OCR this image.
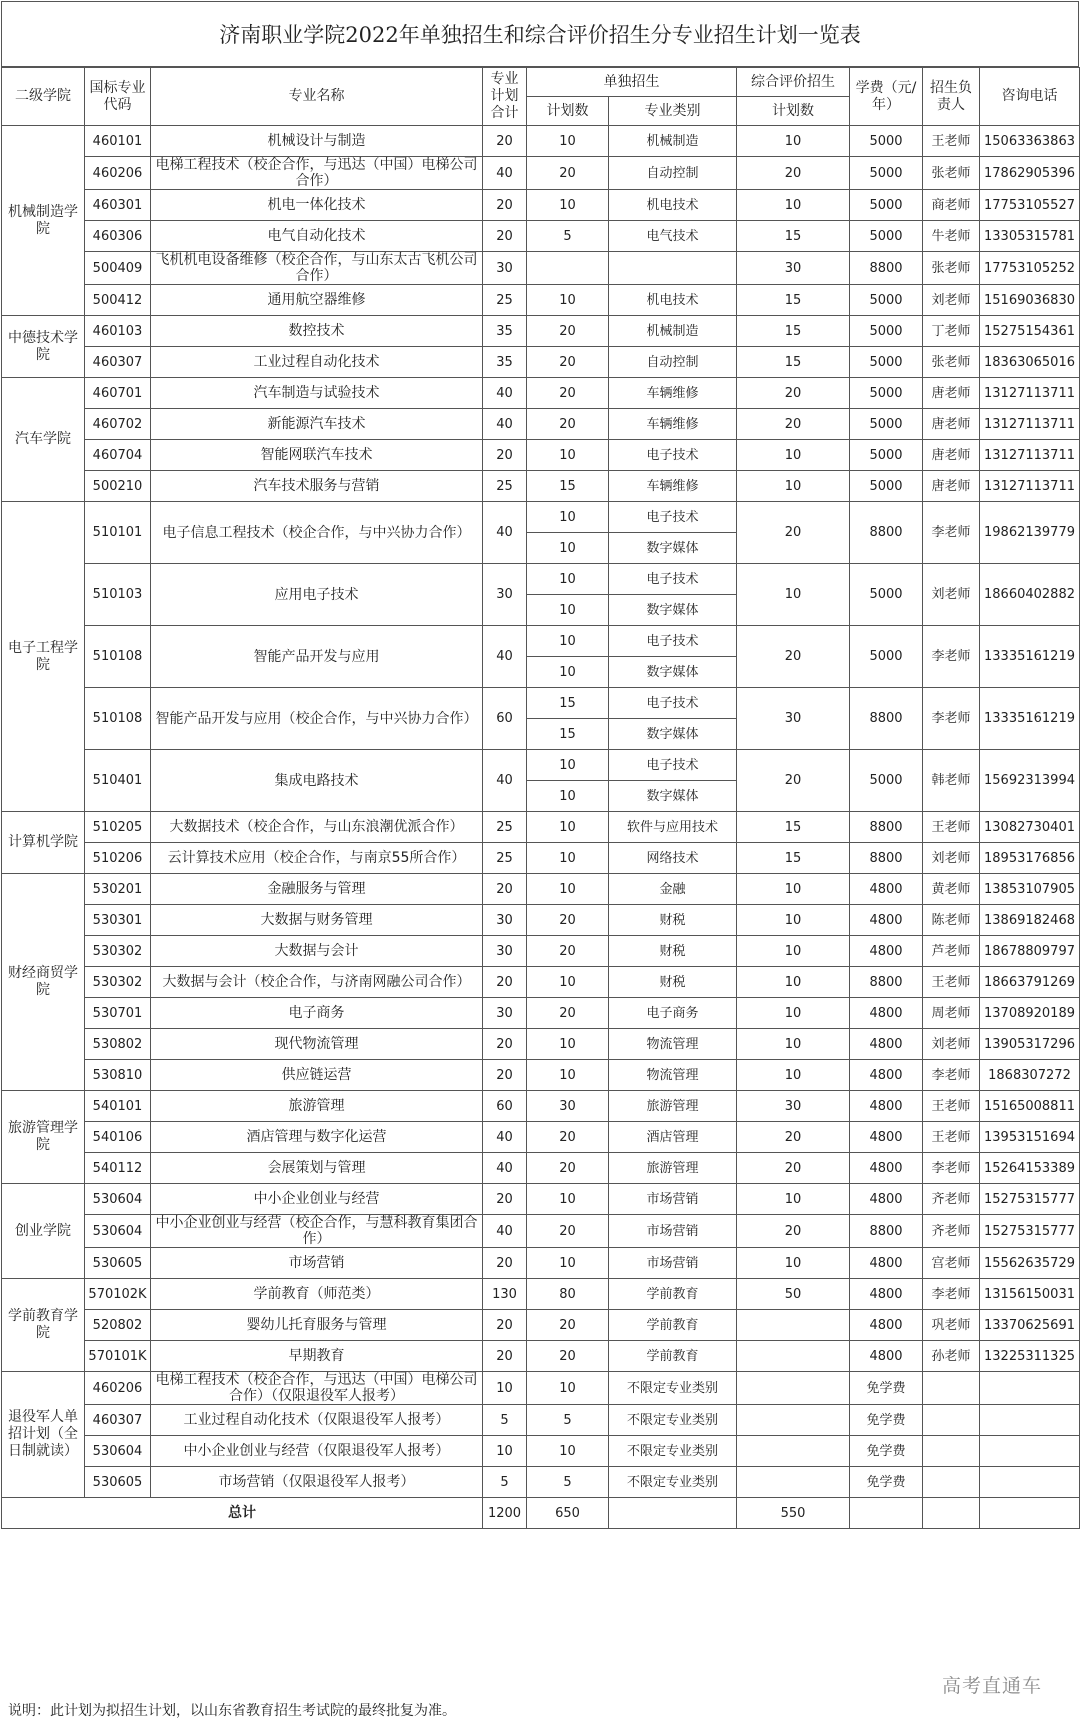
济南职业学院2022年单独招生和综合评价招生分专业招生计划一览表
二级学院	国标专业代码	专业名称	专业计划合计	单独招生		综合评价招生	学费（元/年）	招生负责人	咨询电话
				计划数	专业类别	计划数			
机械制造学院	460101	机械设计与制造	20	10	机械制造	10	5000	王老师	15063363863
	460206	电梯工程技术（校企合作，与迅达（中国）电梯公司合作）	40	20	自动控制	20	5000	张老师	17862905396
	460301	机电一体化技术	20	10	机电技术	10	5000	商老师	17753105527
	460306	电气自动化技术	20	5	电气技术	15	5000	牛老师	13305315781
	500409	飞机机电设备维修（校企合作，与山东太古飞机公司合作）	30			30	8800	张老师	17753105252
	500412	通用航空器维修	25	10	机电技术	15	5000	刘老师	15169036830
中德技术学院	460103	数控技术	35	20	机械制造	15	5000	丁老师	15275154361
	460307	工业过程自动化技术	35	20	自动控制	15	5000	张老师	18363065016
汽车学院	460701	汽车制造与试验技术	40	20	车辆维修	20	5000	唐老师	13127113711
	460702	新能源汽车技术	40	20	车辆维修	20	5000	唐老师	13127113711
	460704	智能网联汽车技术	20	10	电子技术	10	5000	唐老师	13127113711
	500210	汽车技术服务与营销	25	15	车辆维修	10	5000	唐老师	13127113711
电子工程学院	510101	电子信息工程技术（校企合作，与中兴协力合作）	40	10	电子技术	20	8800	李老师	19862139779
				10	数字媒体				
	510103	应用电子技术	30	10	电子技术	10	5000	刘老师	18660402882
				10	数字媒体				
	510108	智能产品开发与应用	40	10	电子技术	20	5000	李老师	13335161219
				10	数字媒体				
	510108	智能产品开发与应用（校企合作，与中兴协力合作）	60	15	电子技术	30	8800	李老师	13335161219
				15	数字媒体				
	510401	集成电路技术	40	10	电子技术	20	5000	韩老师	15692313994
				10	数字媒体				
计算机学院	510205	大数据技术（校企合作，与山东浪潮优派合作）	25	10	软件与应用技术	15	8800	王老师	13082730401
	510206	云计算技术应用（校企合作，与南京55所合作）	25	10	网络技术	15	8800	刘老师	18953176856
财经商贸学院	530201	金融服务与管理	20	10	金融	10	4800	黄老师	13853107905
	530301	大数据与财务管理	30	20	财税	10	4800	陈老师	13869182468
	530302	大数据与会计	30	20	财税	10	4800	芦老师	18678809797
	530302	大数据与会计（校企合作，与济南网融公司合作）	20	10	财税	10	8800	王老师	18663791269
	530701	电子商务	30	20	电子商务	10	4800	周老师	13708920189
	530802	现代物流管理	20	10	物流管理	10	4800	刘老师	13905317296
	530810	供应链运营	20	10	物流管理	10	4800	李老师	1868307272
旅游管理学院	540101	旅游管理	60	30	旅游管理	30	4800	王老师	15165008811
	540106	酒店管理与数字化运营	40	20	酒店管理	20	4800	王老师	13953151694
	540112	会展策划与管理	40	20	旅游管理	20	4800	李老师	15264153389
创业学院	530604	中小企业创业与经营	20	10	市场营销	10	4800	齐老师	15275315777
	530604	中小企业创业与经营（校企合作，与慧科教育集团合作）	40	20	市场营销	20	8800	齐老师	15275315777
	530605	市场营销	20	10	市场营销	10	4800	宫老师	15562635729
学前教育学院	570102K	学前教育（师范类）	130	80	学前教育	50	4800	李老师	13156150031
	520802	婴幼儿托育服务与管理	20	20	学前教育		4800	巩老师	13370625691
	570101K	早期教育	20	20	学前教育		4800	孙老师	13225311325
退役军人单招计划（全日制就读）	460206	电梯工程技术（校企合作，与迅达（中国）电梯公司合作）（仅限退役军人报考）	10	10	不限定专业类别		免学费		
	460307	工业过程自动化技术（仅限退役军人报考）	5	5	不限定专业类别		免学费		
	530604	中小企业创业与经营（仅限退役军人报考）	10	10	不限定专业类别		免学费		
	530605	市场营销（仅限退役军人报考）	5	5	不限定专业类别		免学费		
总计			1200	650		550			
高考直通车
说明：此计划为拟招生计划，以山东省教育招生考试院的最终批复为准。
